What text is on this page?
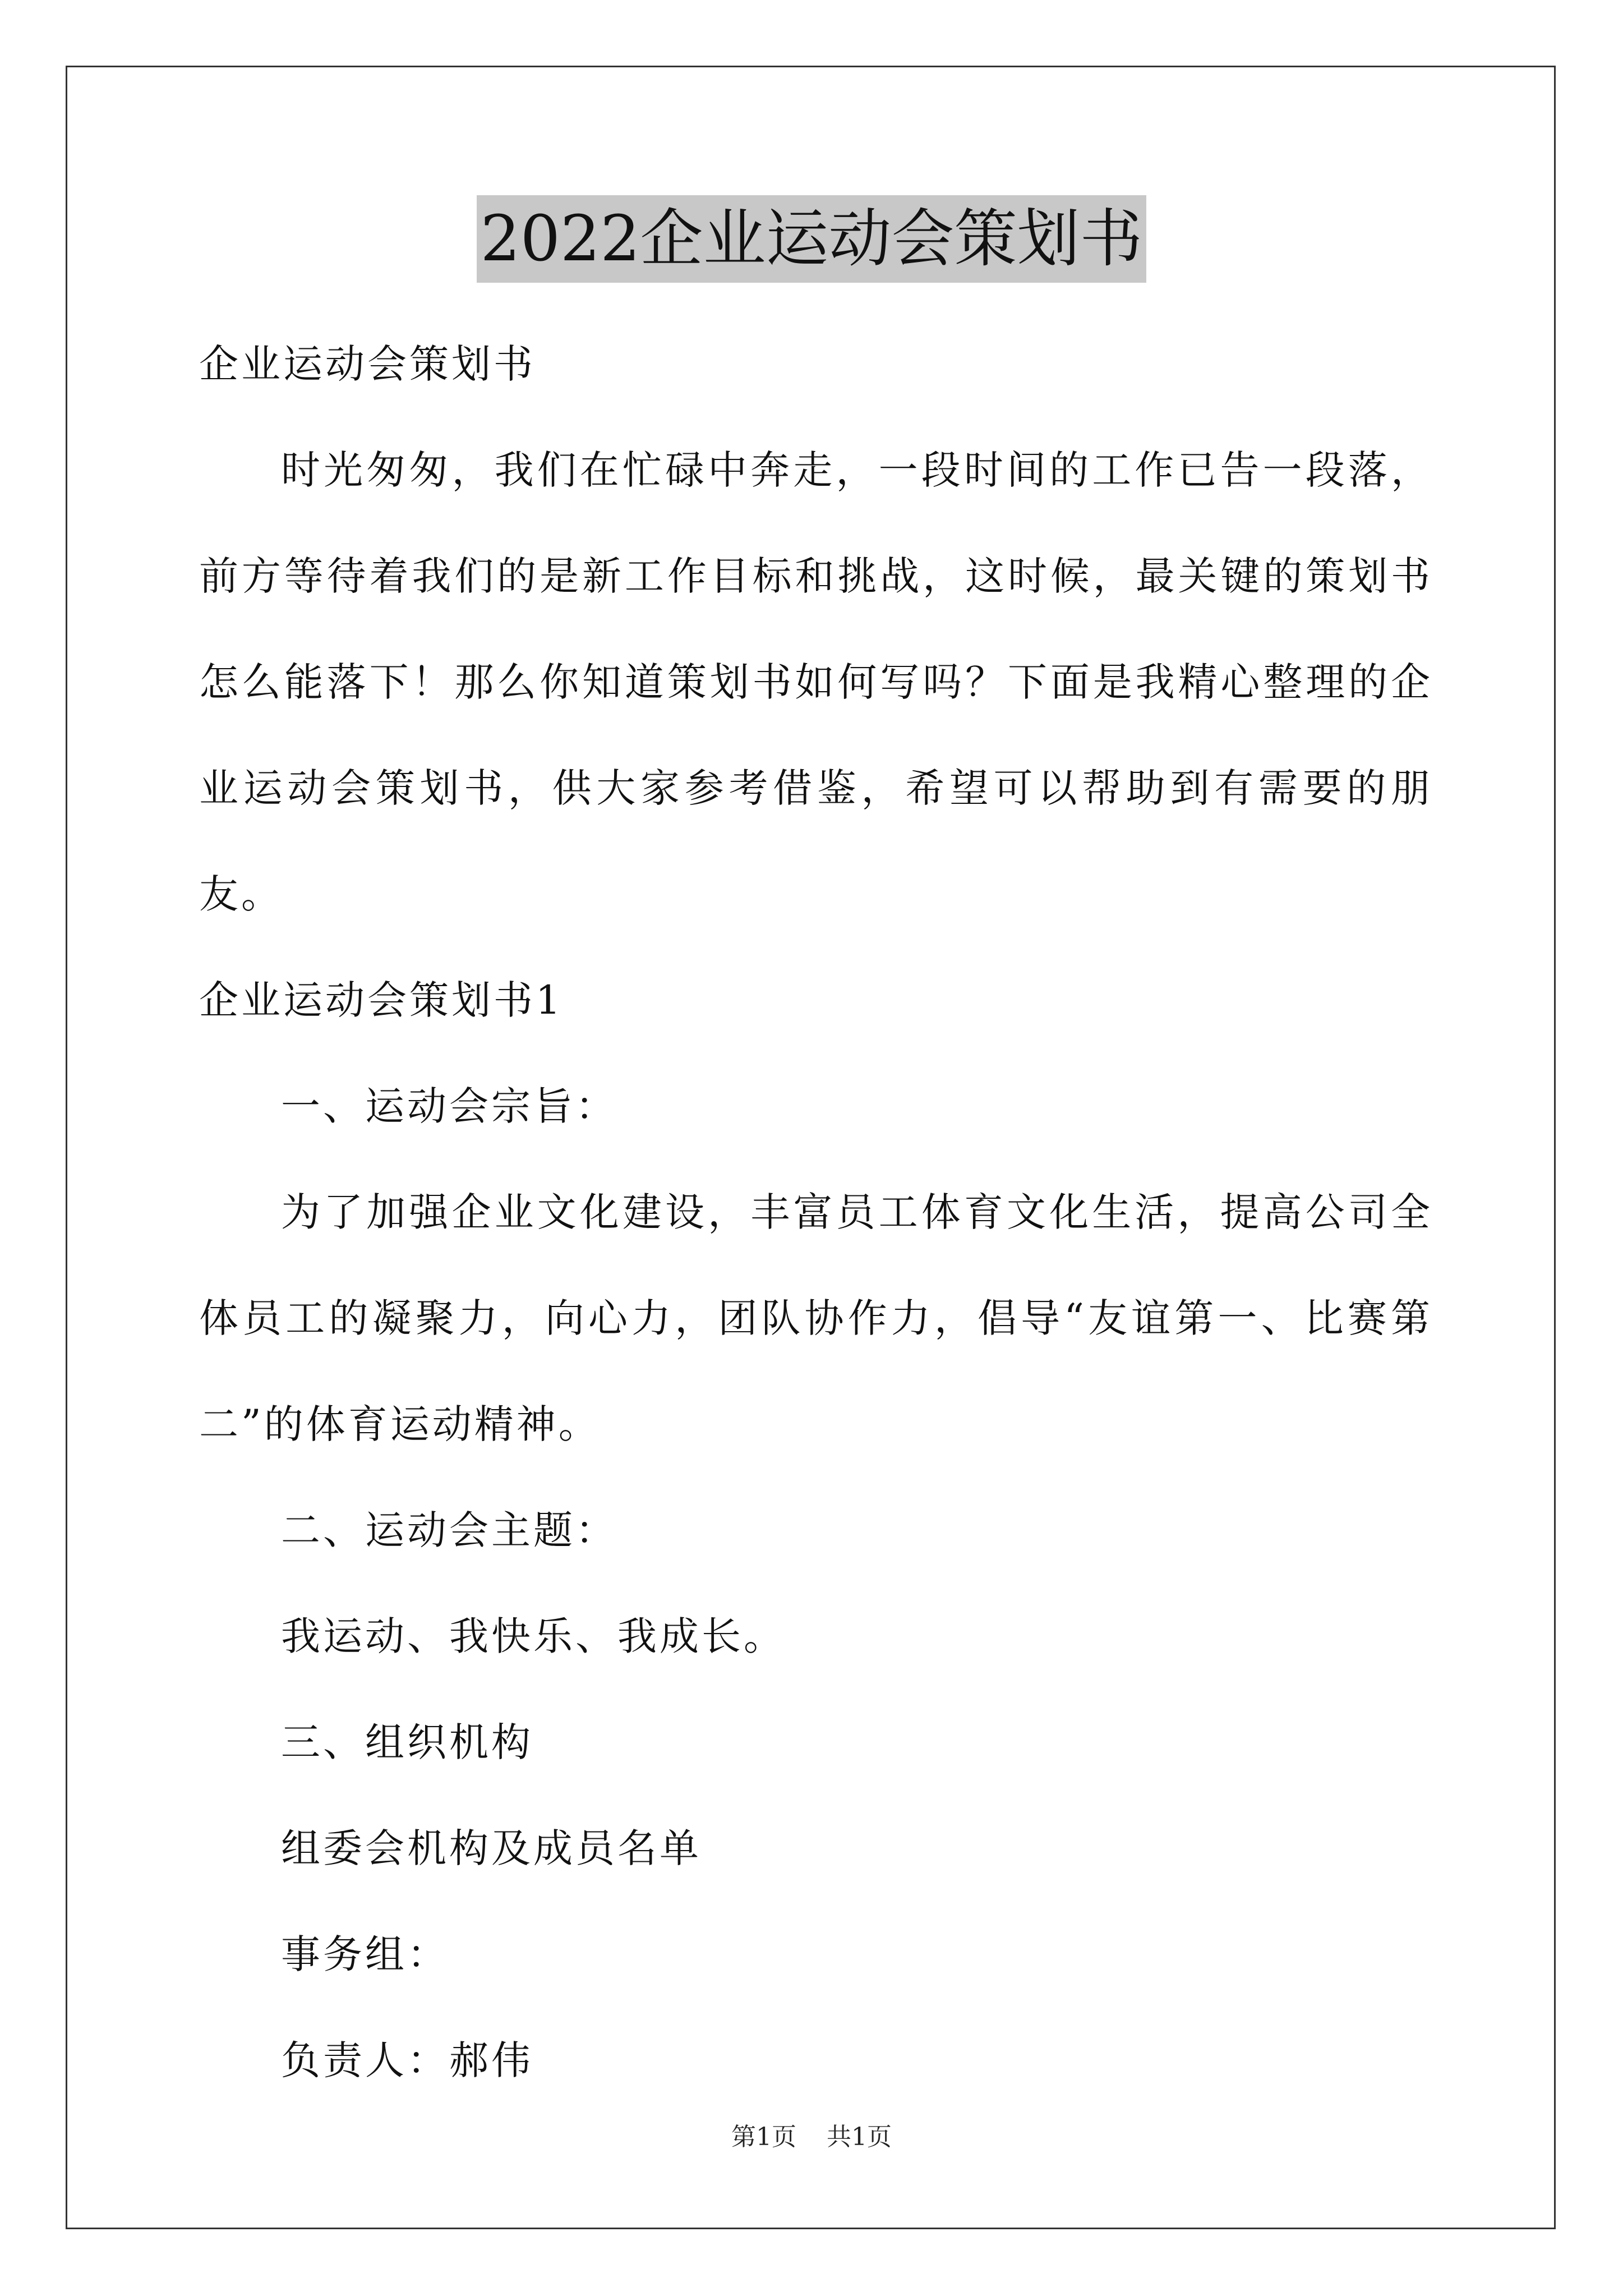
2022企业运动会策划书

企业运动会策划书

时光匆匆，我们在忙碌中奔走，一段时间的工作已告一段落，前方等待着我们的是新工作目标和挑战，这时候，最关键的策划书怎么能落下！那么你知道策划书如何写吗？下面是我精心整理的企业运动会策划书，供大家参考借鉴，希望可以帮助到有需要的朋友。

企业运动会策划书1

一、运动会宗旨：

为了加强企业文化建设，丰富员工体育文化生活，提高公司全体员工的凝聚力，向心力，团队协作力，倡导“友谊第一、比赛第二”的体育运动精神。

二、运动会主题：

我运动、我快乐、我成长。

三、组织机构

组委会机构及成员名单

事务组：

负责人：郝伟

第1页 共1页
